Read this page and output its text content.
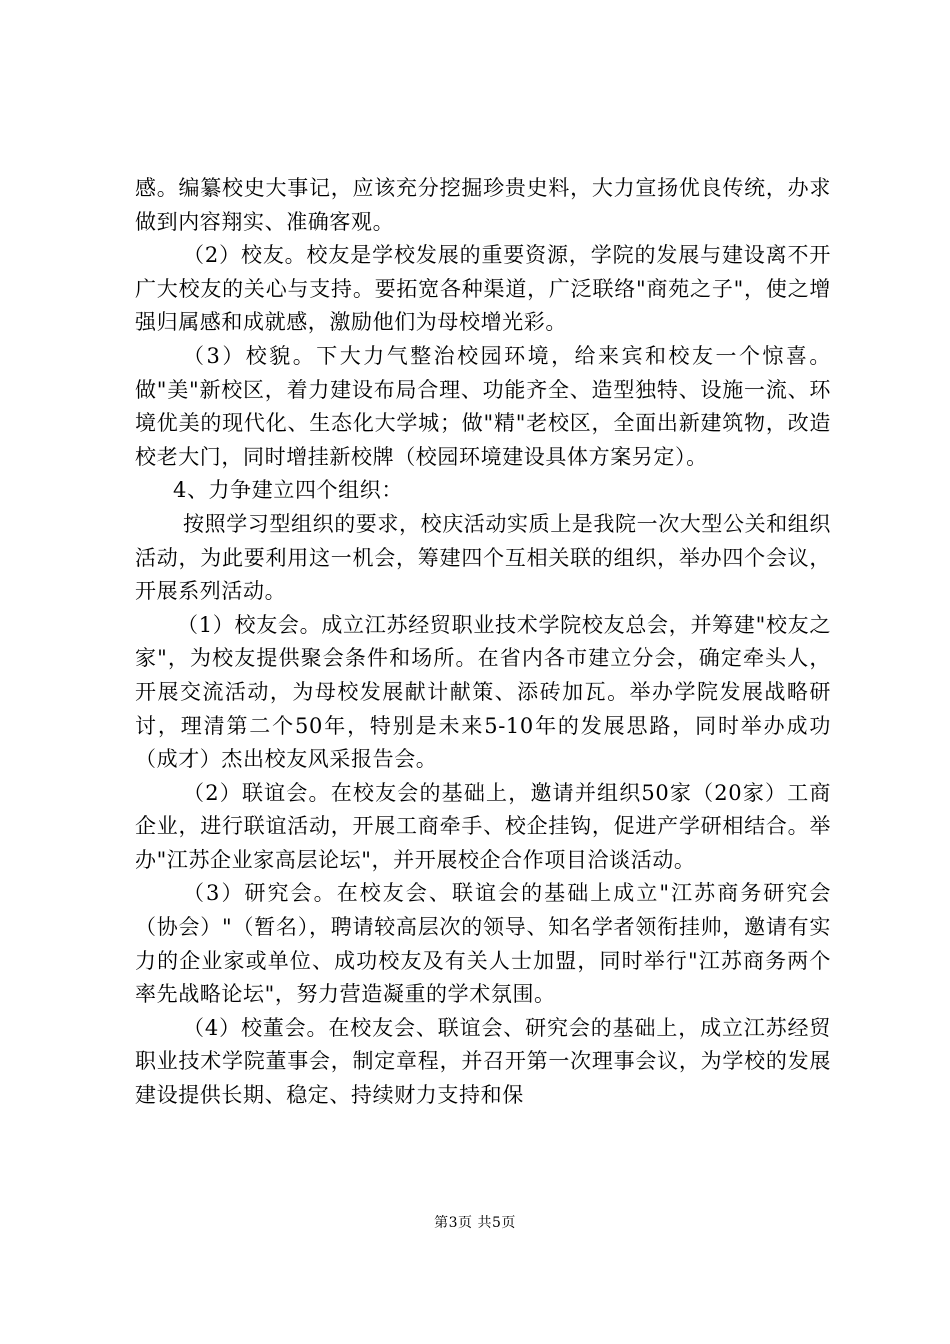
感。编纂校史大事记，应该充分挖掘珍贵史料，大力宣扬优良传统，办求做到内容翔实、准确客观。

（2）校友。校友是学校发展的重要资源，学院的发展与建设离不开广大校友的关心与支持。要拓宽各种渠道，广泛联络"商苑之子"，使之增强归属感和成就感，激励他们为母校增光彩。

（3）校貌。下大力气整治校园环境，给来宾和校友一个惊喜。做"美"新校区，着力建设布局合理、功能齐全、造型独特、设施一流、环境优美的现代化、生态化大学城；做"精"老校区，全面出新建筑物，改造校老大门，同时增挂新校牌（校园环境建设具体方案另定）。

4、力争建立四个组织：

按照学习型组织的要求，校庆活动实质上是我院一次大型公关和组织活动，为此要利用这一机会，筹建四个互相关联的组织，举办四个会议，开展系列活动。

（1）校友会。成立江苏经贸职业技术学院校友总会，并筹建"校友之家"，为校友提供聚会条件和场所。在省内各市建立分会，确定牵头人，开展交流活动，为母校发展献计献策、添砖加瓦。举办学院发展战略研讨，理清第二个50年，特别是未来5-10年的发展思路，同时举办成功（成才）杰出校友风采报告会。

（2）联谊会。在校友会的基础上，邀请并组织50家（20家）工商企业，进行联谊活动，开展工商牵手、校企挂钩，促进产学研相结合。举办"江苏企业家高层论坛"，并开展校企合作项目洽谈活动。

（3）研究会。在校友会、联谊会的基础上成立"江苏商务研究会（协会）"（暂名），聘请较高层次的领导、知名学者领衔挂帅，邀请有实力的企业家或单位、成功校友及有关人士加盟，同时举行"江苏商务两个率先战略论坛"，努力营造凝重的学术氛围。

（4）校董会。在校友会、联谊会、研究会的基础上，成立江苏经贸职业技术学院董事会，制定章程，并召开第一次理事会议，为学校的发展建设提供长期、稳定、持续财力支持和保

第3页 共5页
